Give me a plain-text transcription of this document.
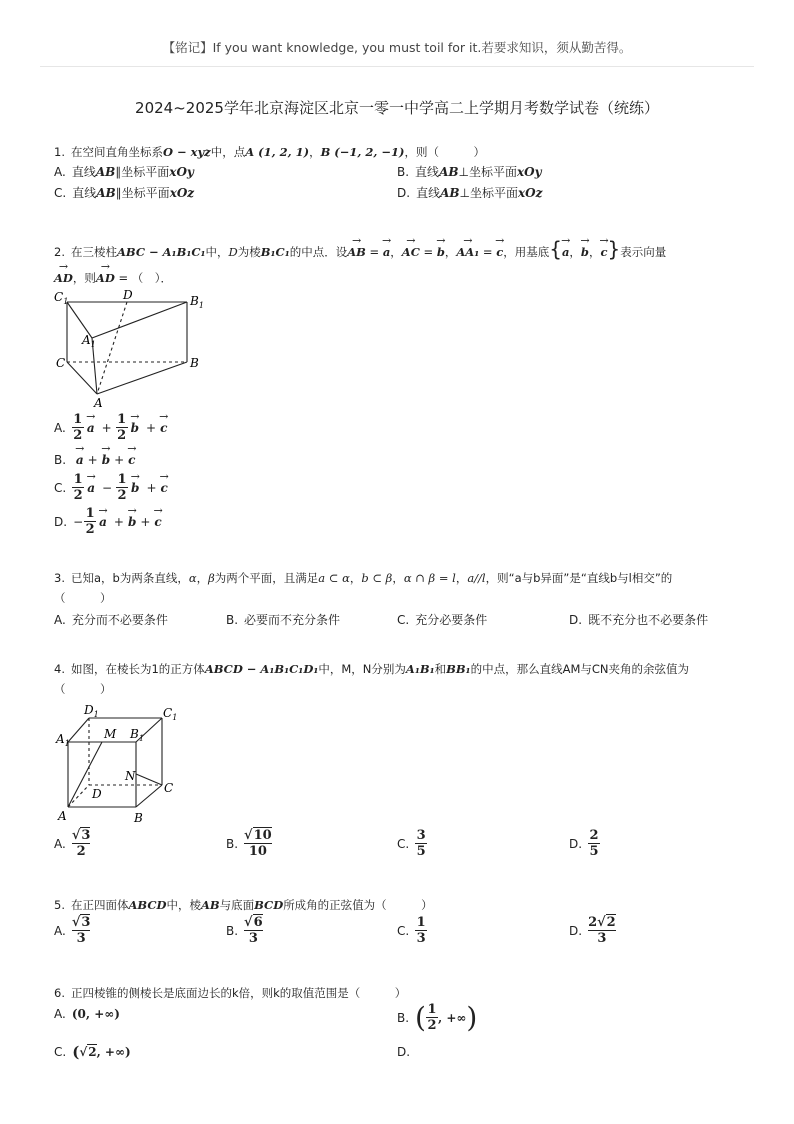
【铭记】If you want knowledge, you must toil for it.若要求知识，须从勤苦得。
2024~2025学年北京海淀区北京一零一中学高二上学期月考数学试卷（统练）
1. 在空间直角坐标系O − xyz中，点A (1, 2, 1)，B (−1, 2, −1)，则（　　　）
A. 直线AB∥坐标平面xOy	B. 直线AB⊥坐标平面xOy
C. 直线AB∥坐标平面xOz	D. 直线AB⊥坐标平面xOz
2. 在三棱柱ABC − A₁B₁C₁中，D为棱B₁C₁的中点．设→ AB = → a，→ AC = → b，→ AA₁ = → c，用基底{→ a，→ b，→ c}表示向量
→ AD，则→ AD = （　）．
$C_1$	D	$B_1$
$A_1$
C	B
A
A. $\frac{1}{2}$
→ $a + \frac{1}{2}$
→ b +
→ c
B. → a +→ b +→ c
C. $\frac{1}{2}$
→ $a - \frac{1}{2}$
→ b +
→ c
D. − $\frac{1}{2}$
→ a +
→ b +
→ c
3. 已知a，b为两条直线，α，β为两个平面，且满足a ⊂ α，b ⊂ β，α ∩ β = l，a//l，则“a与b异面”是“直线b与l相交”的
（　　　）
A. 充分而不必要条件	B. 必要而不充分条件	C. 充分必要条件	D. 既不充分也不必要条件
4. 如图，在棱长为1的正方体ABCD − A₁B₁C₁D₁中，M，N分别为A₁B₁和BB₁的中点，那么直线AM与CN夹角的余弦值为
（　　　）
$D_1$	$C_1$
$A_1$
M $B_1$
N
D	C
A	B
A. $\frac{√3}{2}$	B. $\frac{√10}{10}$	C. $\frac{3}{5}$	D. $\frac{2}{5}$
5. 在正四面体ABCD中，棱AB与底面BCD所成角的正弦值为（　　　）
A. $\frac{√3}{3}$	B. $\frac{√6}{3}$	C. $\frac{1}{3}$	D. $\frac{2√2}{3}$
6. 正四棱锥的侧棱长是底面边长的k倍，则k的取值范围是（　　　）
A. (0, +∞)	B. ( $\frac{1}{2}$ , +∞ )
C. ( √2 , +∞)	D.
